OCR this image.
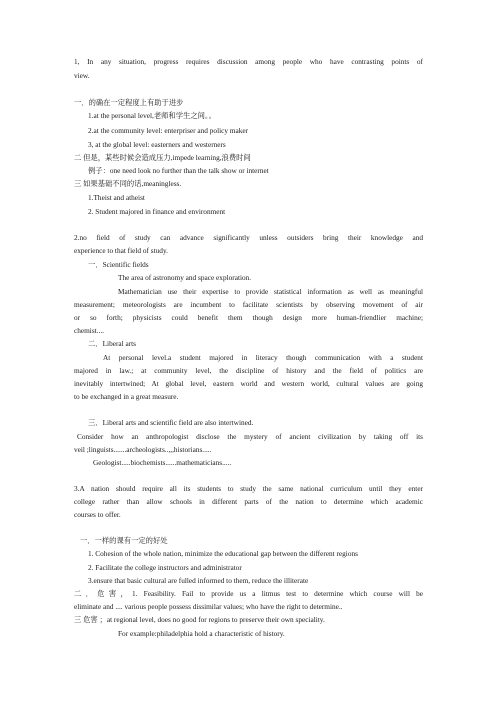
1, In any situation, progress requires discussion among people who have contrasting points of
view.
一．的确在一定程度上有助于进步
1.at the personal level,老师和学生之间。。
2.at the community level: enterpriser and policy maker
3, at the global level: easterners and westerners
二 但是，某些时候会造成压力,impede learning,浪费时间
例子：one need look no further than the talk show or internet
三 如果基础不同的话,meaningless.
1.Theist and atheist
2. Student majored in finance and environment
2.no field of study can advance significantly unless outsiders bring their knowledge and
experience to that field of study.
一．Scientific fields
The area of astronomy and space exploration.
Mathematician use their expertise to provide statistical information as well as meaningful
measurement; meteorologists are incumbent to facilitate scientists by observing movement of air
or so forth; physicists could benefit them though design more human-friendlier machine;
chemist....
二．Liberal arts
At personal level.a student majored in literacy though communication with a student
majored in law.; at community level, the discipline of history and the field of politics are
inevitably intertwined; At global level, eastern world and western world, cultural values are going
to be exchanged in a great measure.
三．Liberal arts and scientific field are also intertwined.
Consider how an anthropologist disclose the mystery of ancient civilization by taking off its
veil ;linguists.......archeologists..,,,historians.....
Geologist.....biochemists......mathematicians.....
3.A nation should require all its students to study the same national curriculum until they enter
college rather than allow schools in different parts of the nation to determine which academic
courses to offer.
一．一样的课有一定的好处
1. Cohesion of the whole nation, minimize the educational gap between the different regions
2. Facilitate the college instructors and administrator
3.ensure that basic cultural are fulled informed to them, reduce the illiterate
二．危害，1. Feasibility. Fail to provide us a litmus test to determine which course will be
eliminate and .... various people possess dissimilar values; who have the right to determine..
三 危害 ；at regional level, does no good for regions to preserve their own speciality.
For example:philadelphia hold a characteristic of history.
